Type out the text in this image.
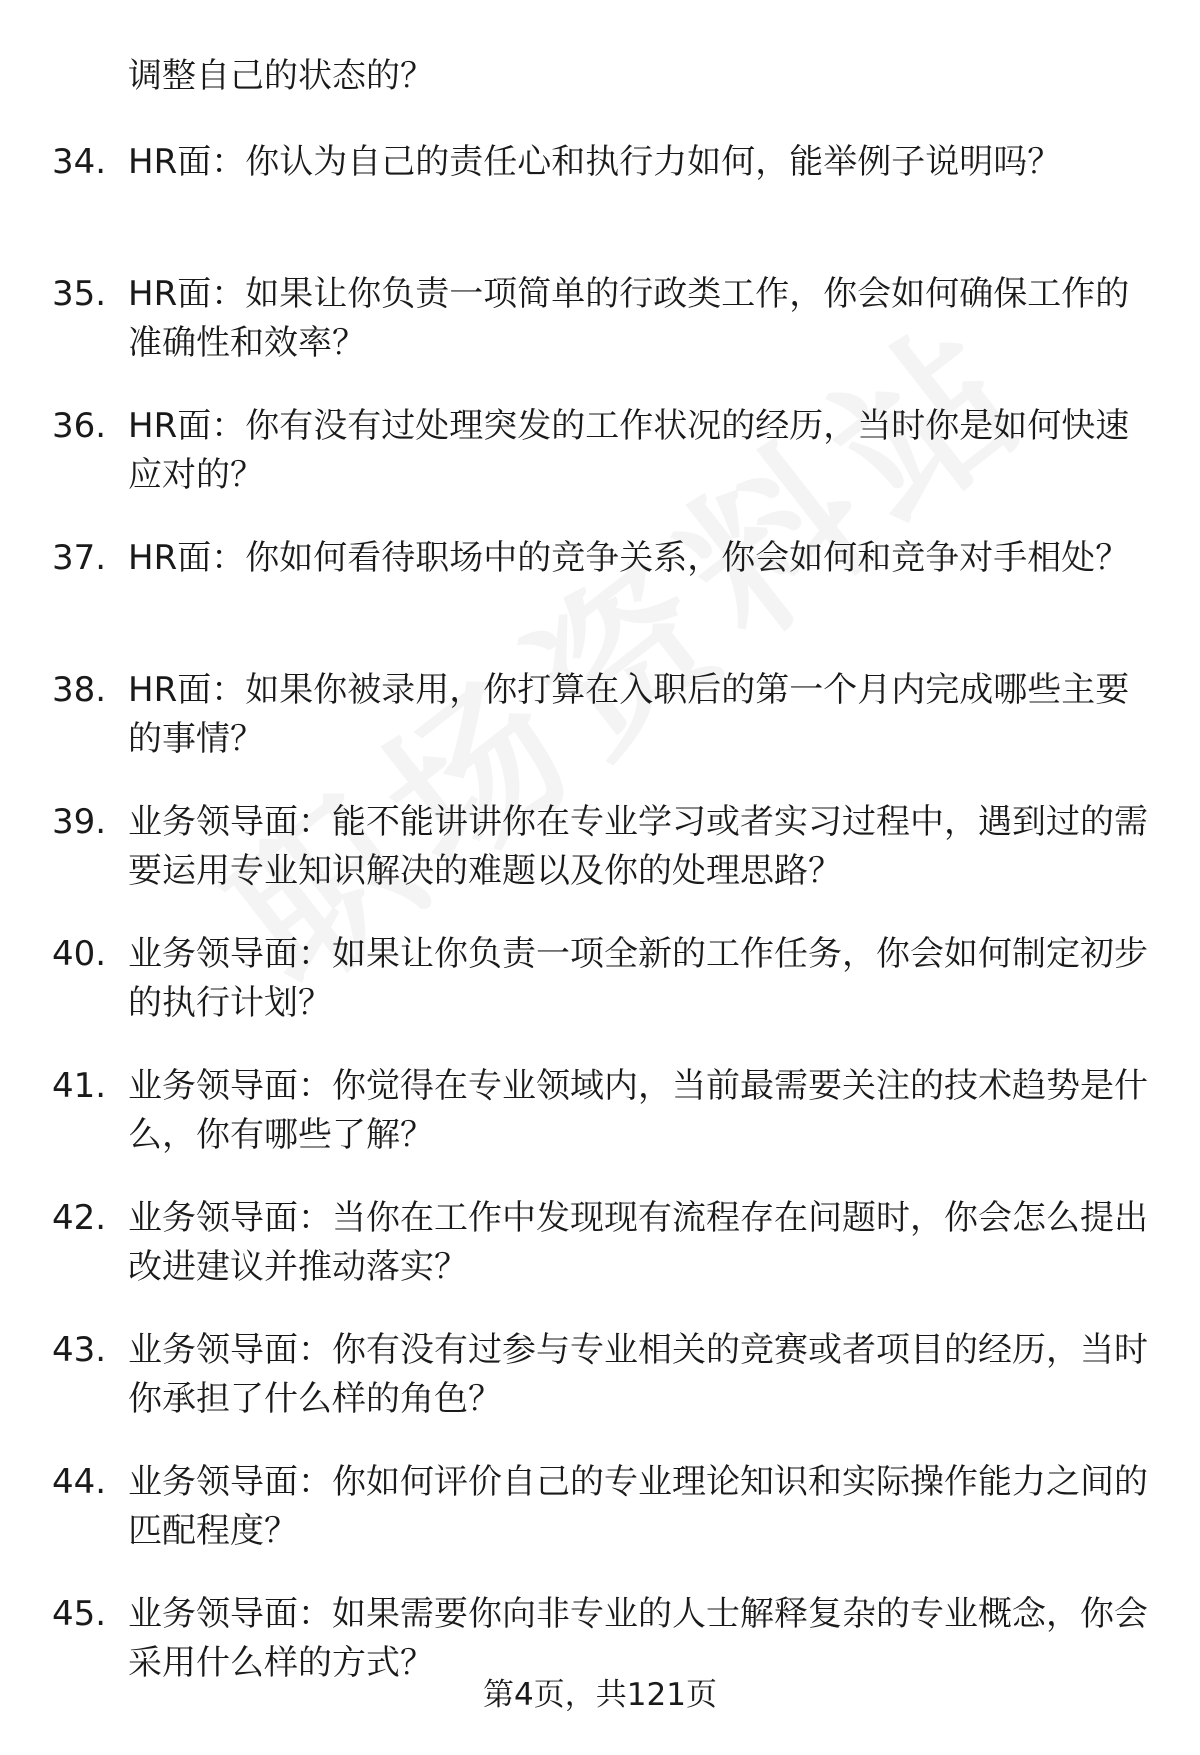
调整自己的状态的？
34. HR面：你认为自己的责任心和执行力如何，能举例子说明吗？
35. HR面：如果让你负责一项简单的行政类工作，你会如何确保工作的准确性和效率？
36. HR面：你有没有过处理突发的工作状况的经历，当时你是如何快速应对的？
37. HR面：你如何看待职场中的竞争关系，你会如何和竞争对手相处？
38. HR面：如果你被录用，你打算在入职后的第一个月内完成哪些主要的事情？
39. 业务领导面：能不能讲讲你在专业学习或者实习过程中，遇到过的需要运用专业知识解决的难题以及你的处理思路？
40. 业务领导面：如果让你负责一项全新的工作任务，你会如何制定初步的执行计划？
41. 业务领导面：你觉得在专业领域内，当前最需要关注的技术趋势是什么，你有哪些了解？
42. 业务领导面：当你在工作中发现现有流程存在问题时，你会怎么提出改进建议并推动落实？
43. 业务领导面：你有没有过参与专业相关的竞赛或者项目的经历，当时你承担了什么样的角色？
44. 业务领导面：你如何评价自己的专业理论知识和实际操作能力之间的匹配程度？
45. 业务领导面：如果需要你向非专业的人士解释复杂的专业概念，你会采用什么样的方式？
第4页，共121页
